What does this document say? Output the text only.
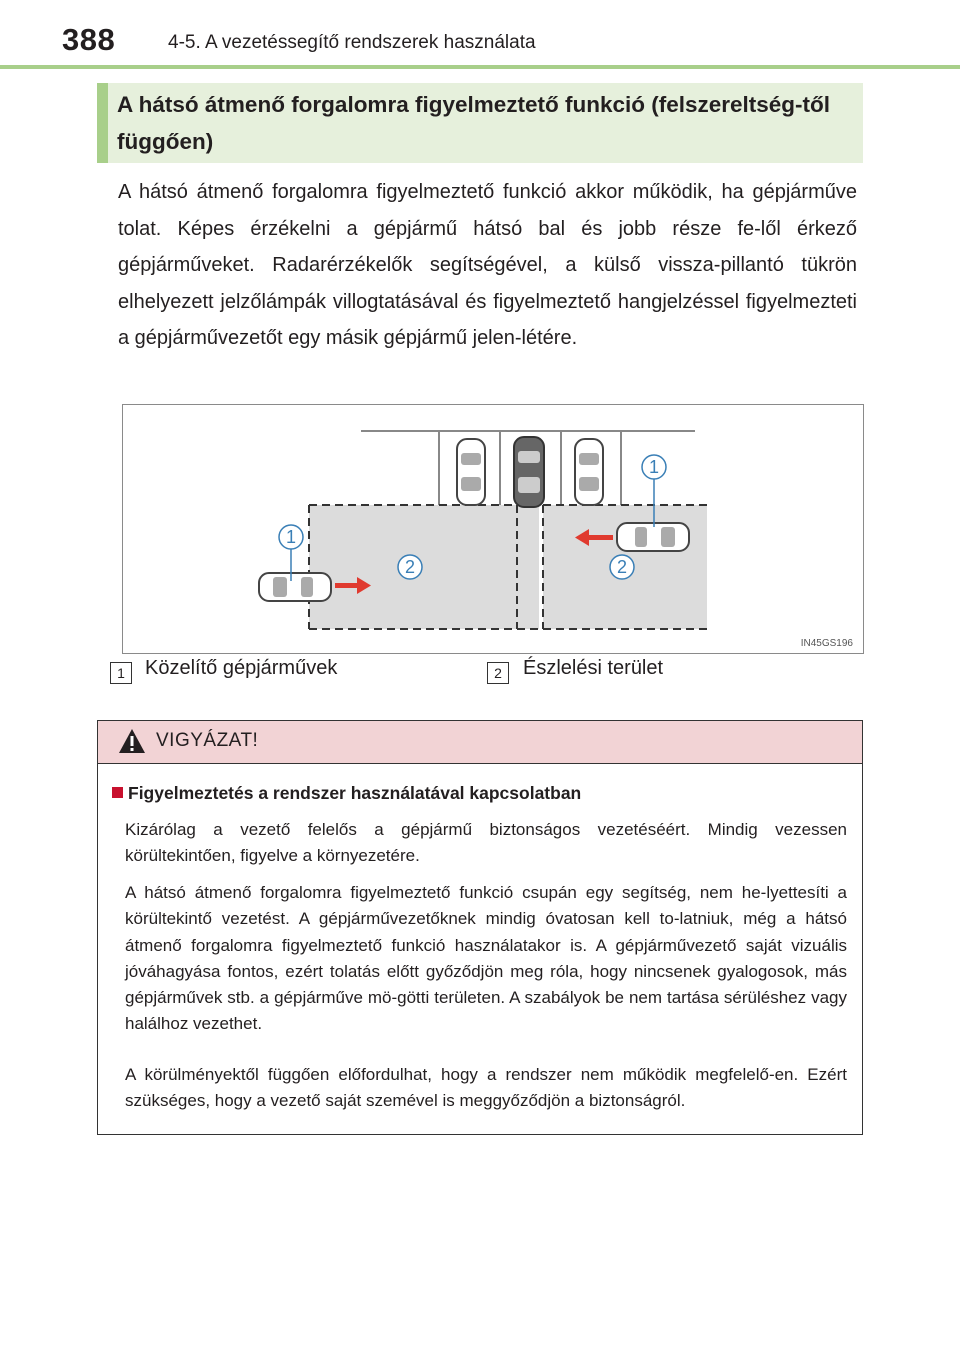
388	4-5. A vezetéssegítő rendszerek használata
A hátsó átmenő forgalomra figyelmeztető funkció (felszereltség-től függően)
A hátsó átmenő forgalomra figyelmeztető funkció akkor működik, ha gépjárműve tolat. Képes érzékelni a gépjármű hátsó bal és jobb része fe-lől érkező gépjárműveket. Radarérzékelők segítségével, a külső vissza-pillantó tükrön elhelyezett jelzőlámpák villogtatásával és figyelmeztető hangjelzéssel figyelmezteti a gépjárművezetőt egy másik gépjármű jelen-létére.
1
2	2
1
IN45GS196
1	Közelítő gépjárművek	2	Észlelési terület
VIGYÁZAT!
Figyelmeztetés a rendszer használatával kapcsolatban
Kizárólag a vezető felelős a gépjármű biztonságos vezetéséért. Mindig vezessen körültekintően, figyelve a környezetére.
A hátsó átmenő forgalomra figyelmeztető funkció csupán egy segítség, nem he-lyettesíti a körültekintő vezetést. A gépjárművezetőknek mindig óvatosan kell to-latniuk, még a hátsó átmenő forgalomra figyelmeztető funkció használatakor is. A gépjárművezető saját vizuális jóváhagyása fontos, ezért tolatás előtt győződjön meg róla, hogy nincsenek gyalogosok, más gépjárművek stb. a gépjárműve mö-götti területen. A szabályok be nem tartása sérüléshez vagy halálhoz vezethet.
A körülményektől függően előfordulhat, hogy a rendszer nem működik megfelelő-en. Ezért szükséges, hogy a vezető saját szemével is meggyőződjön a biztonságról.
